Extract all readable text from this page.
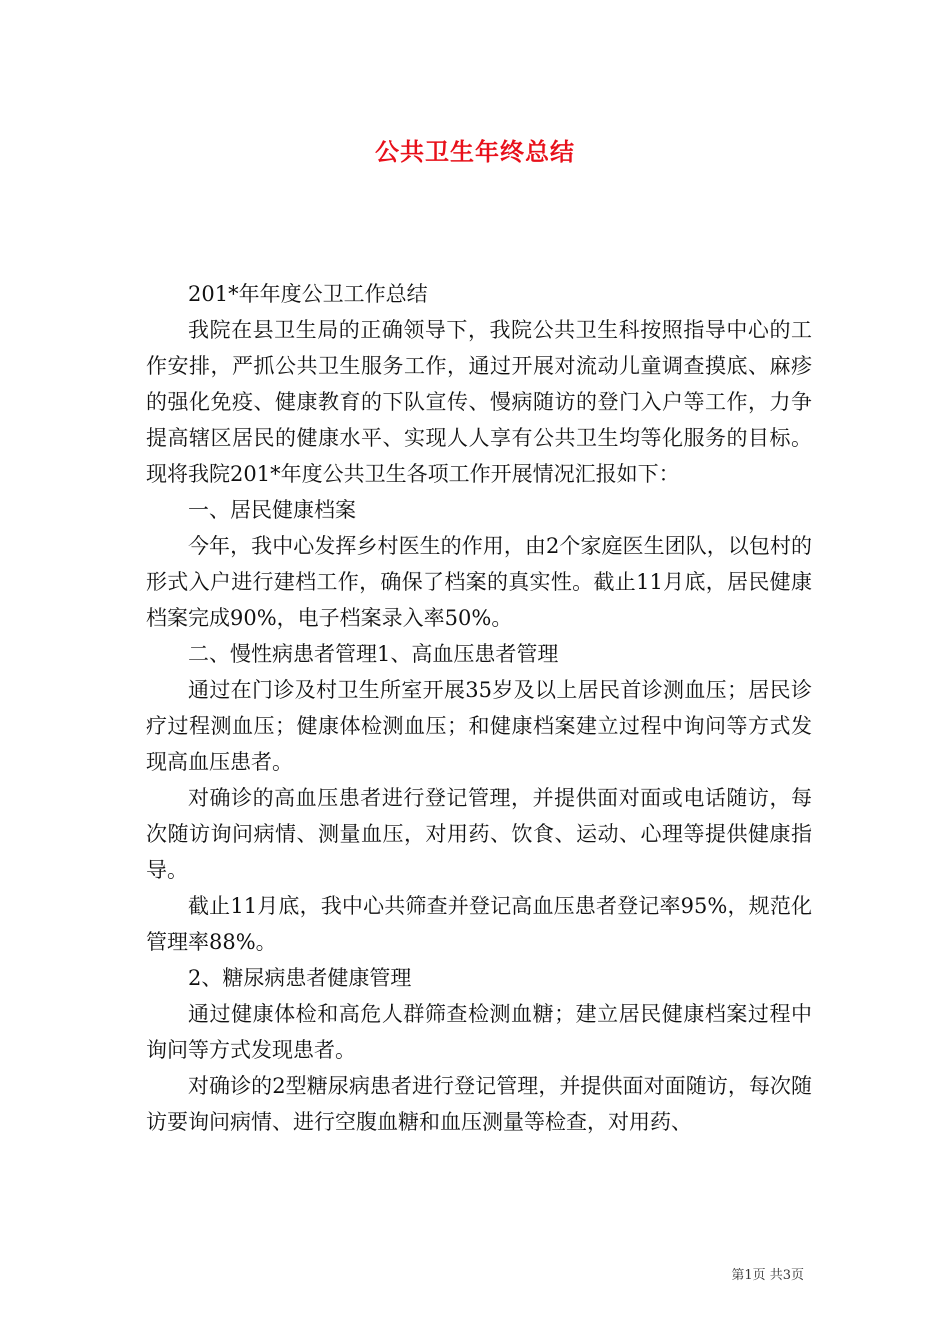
公共卫生年终总结

201*年年度公卫工作总结

我院在县卫生局的正确领导下，我院公共卫生科按照指导中心的工作安排，严抓公共卫生服务工作，通过开展对流动儿童调查摸底、麻疹的强化免疫、健康教育的下队宣传、慢病随访的登门入户等工作，力争提高辖区居民的健康水平、实现人人享有公共卫生均等化服务的目标。现将我院201*年度公共卫生各项工作开展情况汇报如下：

一、居民健康档案

今年，我中心发挥乡村医生的作用，由2个家庭医生团队，以包村的形式入户进行建档工作，确保了档案的真实性。截止11月底，居民健康档案完成90%，电子档案录入率50%。

二、慢性病患者管理1、高血压患者管理

通过在门诊及村卫生所室开展35岁及以上居民首诊测血压；居民诊疗过程测血压；健康体检测血压；和健康档案建立过程中询问等方式发现高血压患者。

对确诊的高血压患者进行登记管理，并提供面对面或电话随访，每次随访询问病情、测量血压，对用药、饮食、运动、心理等提供健康指导。

截止11月底，我中心共筛查并登记高血压患者登记率95%，规范化管理率88%。

2、糖尿病患者健康管理

通过健康体检和高危人群筛查检测血糖；建立居民健康档案过程中询问等方式发现患者。

对确诊的2型糖尿病患者进行登记管理，并提供面对面随访，每次随访要询问病情、进行空腹血糖和血压测量等检查，对用药、

第1页 共3页
